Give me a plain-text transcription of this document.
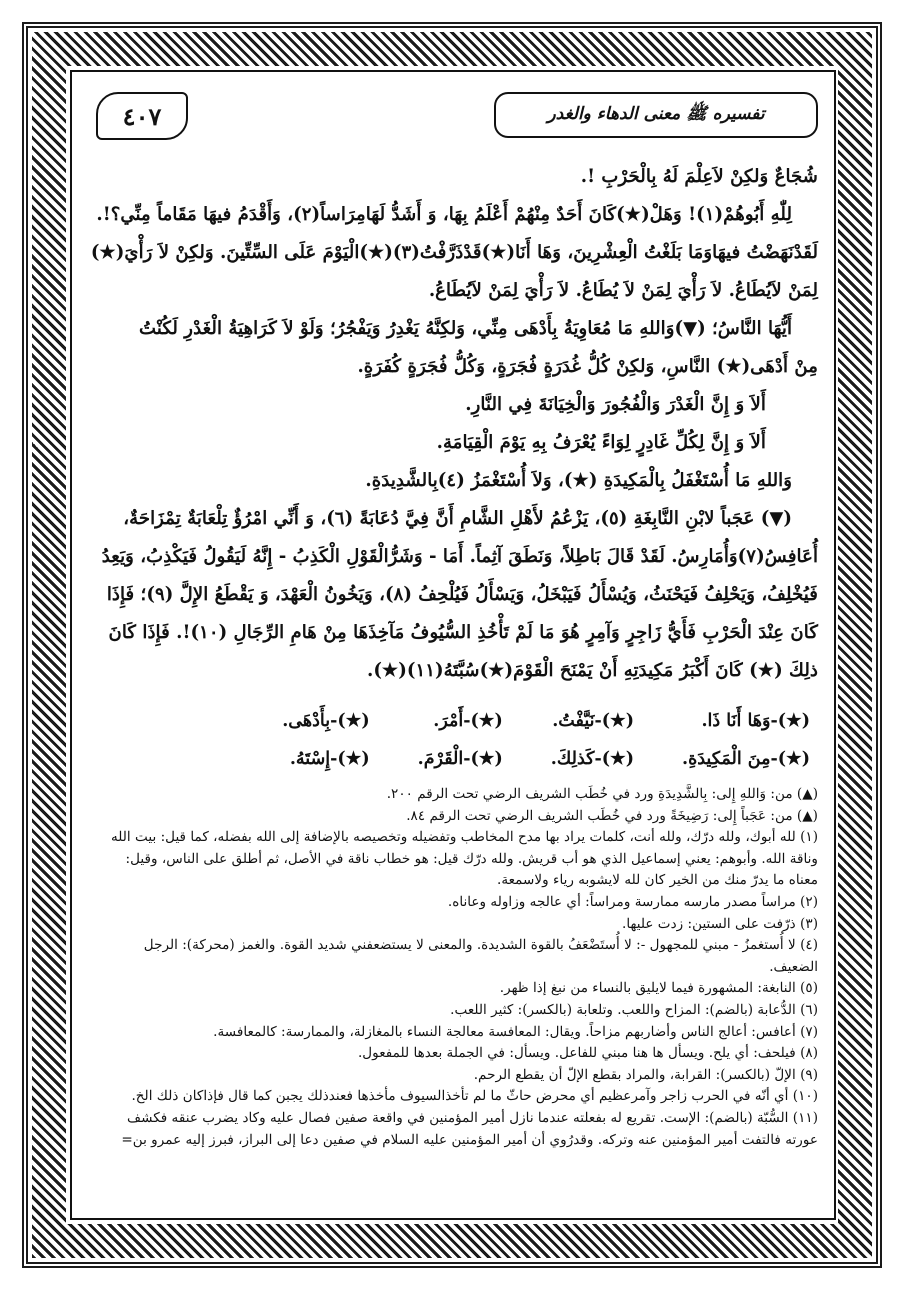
تفسيره ﷺ معنى الدهاء والغدر
٤٠٧

شُجَاعٌ وَلكِنْ لاَعِلْمَ لَهُ بِالْحَرْبِ !.

لِلّٰهِ أَبُوهُمْ(١)! وَهَلْ(★)كَانَ أَحَدٌ مِنْهُمْ أَعْلَمُ بِهَا، وَ أَشَدُّ لَهَامِرَاساً(٢)، وَأَقْدَمُ فيهَا مَقَاماً مِنِّي؟!.

لَقَدْنَهَضْتُ فيهَاوَمَا بَلَغْتُ الْعِشْرِينَ، وَهَا أَنَا(★)قَدْذَرَّفْتُ(٣)(★)الْيَوْمَ عَلَى السِّتِّينَ. وَلكِنْ لاَ رَأْيَ(★)

لِمَنْ لاَيُطَاعُ. لاَ رَأْيَ لِمَنْ لاَ يُطَاعُ. لاَ رَأْيَ لِمَنْ لاَيُطَاعُ.

أَيُّهَا النَّاسُ؛ (▼)وَاللهِ مَا مُعَاوِيَةُ بِأَدْهَى مِنِّي، وَلكِنَّهُ يَغْدِرُ وَيَفْجُرُ؛ وَلَوْ لاَ كَرَاهِيَةُ الْغَدْرِ لَكُنْتُ

مِنْ أَدْهَى(★) النَّاسِ، وَلكِنْ كُلُّ غُدَرَةٍ فُجَرَةٍ، وَكُلُّ فُجَرَةٍ كُفَرَةٍ.

أَلاَ وَ إِنَّ الْغَدْرَ وَالْفُجُورَ وَالْخِيَانَةَ فِي النَّارِ.

أَلاَ وَ إِنَّ لِكُلِّ غَادِرٍ لِوَاءً يُعْرَفُ بِهِ يَوْمَ الْقِيَامَةِ.

وَاللهِ مَا أُسْتَغْفَلُ بِالْمَكِيدَةِ (★)، وَلاَ أُسْتَغْمَزُ (٤)بِالشَّدِيدَةِ.

(▼) عَجَباً لابْنِ النَّابِغَةِ (٥)، يَزْعُمُ لأَهْلِ الشَّامِ أَنَّ فِيَّ دُعَابَةً (٦)، وَ أَنِّي امْرُؤٌ تِلْعَابَةٌ تِمْزَاحَةٌ،

أُعَافِسُ(٧)وَأُمَارِسُ. لَقَدْ قَالَ بَاطِلاً، وَنَطَقَ آثِماً. أَمَا - وَشَرُّالْقَوْلِ الْكَذِبُ - إِنَّهُ لَيَقُولُ فَيَكْذِبُ، وَيَعِدُ

فَيُخْلِفُ، وَيَحْلِفُ فَيَحْنَثُ، وَيُسْأَلُ فَيَبْخَلُ، وَيَسْأَلُ فَيُلْحِفُ (٨)، وَيَخُونُ الْعَهْدَ، وَ يَقْطَعُ الإِلَّ (٩)؛ فَإِذَا

كَانَ عِنْدَ الْحَرْبِ فَأَيُّ زَاجِرٍ وَآمِرٍ هُوَ مَا لَمْ تَأْخُذِ السُّيُوفُ مَآخِذَهَا مِنْ هَامِ الرِّجَالِ (١٠)!. فَإِذَا كَانَ

ذلِكَ (★) كَانَ أَكْبَرُ مَكِيدَتِهِ أَنْ يَمْنَحَ الْقَوْمَ(★)سُبَّتَهُ(١١)(★).

(★)-وَهَا أَنَا ذَا.
(★)-نَيَّفْتُ.
(★)-أَمْرَ.
(★)-بِأَدْهَى.
(★)-مِنَ الْمَكِيدَةِ.
(★)-كَذلِكَ.
(★)-الْقَرْمَ.
(★)-إِسْتَهُ.

(▲) من: وَاللهِ إِلى: بِالشَّدِيدَةِ ورد في خُطَب الشريف الرضي تحت الرقم ٢٠٠.

(▲) من: عَجَباً إِلى: رَضِيخَةً ورد في خُطَب الشريف الرضي تحت الرقم ٨٤.

(١) لله أبوك، ولله درّك، ولله أنت، كلمات يراد بها مدح المخاطب وتفضيله وتخصيصه بالإضافة إلى الله بفضله، كما قيل: بيت الله

وناقة الله. وأبوهم: يعني إسماعيل الذي هو أب قريش. ولله درّك قيل: هو خطاب ناقة في الأصل، ثم أطلق على الناس، وقيل:

معناه ما يدرّ منك من الخير كان لله لايشوبه رياء ولاسمعة.

(٢) مراساً مصدر مارسه ممارسة ومراساً: أي عالجه وزاوله وعاناه.

(٣) ذرّفت على الستين: زدت عليها.

(٤) لا أُستغمزُ - مبني للمجهول -: لا أُستَضْعَفُ بالقوة الشديدة. والمعنى لا يستضعفني شديد القوة. والغمز (محركة): الرجل

الضعيف.

(٥) النابغة: المشهورة فيما لايليق بالنساء من نبغ إذا ظهر.

(٦) الدُّعابة (بالضم): المزاح واللعب. وتلعابة (بالكسر): كثير اللعب.

(٧) أعافس: أعالج الناس وأضاربهم مزاحاً. ويقال: المعافسة معالجة النساء بالمغازلة، والممارسة: كالمعافسة.

(٨) فيلحف: أي يلح. ويسأل ها هنا مبني للفاعل. ويسأل: في الجملة بعدها للمفعول.

(٩) الإلّ (بالكسر): القرابة، والمراد بقطع الإلّ أن يقطع الرحم.

(١٠) أي أنّه في الحرب زاجر وآمرعظيم أي محرض حاثّ ما لم تأخذالسيوف مأخذها فعندذلك يجبن كما قال فإذاكان ذلك الخ.

(١١) السُّبّة (بالضم): الإست. تقريع له بفعلته عندما نازل أمير المؤمنين في واقعة صفين فصال عليه وكاد يضرب عنقه فكشف

عورته فالتفت أمير المؤمنين عنه وتركه. وقدرُوي أن أمير المؤمنين عليه السلام في صفين دعا إلى البراز، فبرز إليه عمرو بن=
